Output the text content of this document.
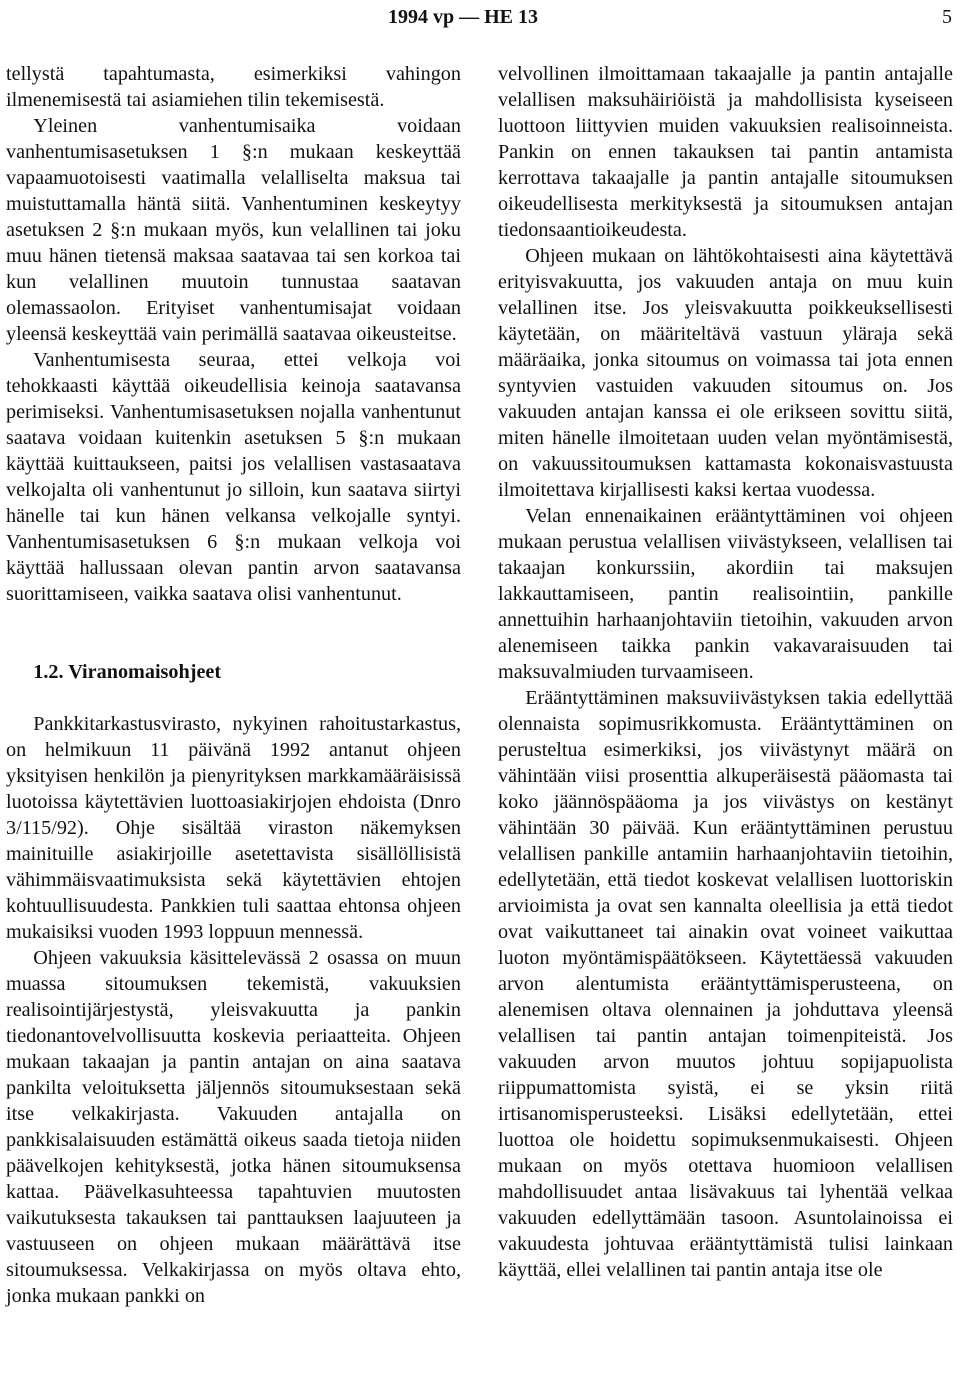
1994 vp — HE 13	5

tellystä tapahtumasta, esimerkiksi vahingon ilmenemisestä tai asiamiehen tilin tekemisestä.

Yleinen vanhentumisaika voidaan vanhentumisasetuksen 1 §:n mukaan keskeyttää vapaamuotoisesti vaatimalla velalliselta maksua tai muistuttamalla häntä siitä. Vanhentuminen keskeytyy asetuksen 2 §:n mukaan myös, kun velallinen tai joku muu hänen tietensä maksaa saatavaa tai sen korkoa tai kun velallinen muutoin tunnustaa saatavan olemassaolon. Erityiset vanhentumisajat voidaan yleensä keskeyttää vain perimällä saatavaa oikeusteitse.

Vanhentumisesta seuraa, ettei velkoja voi tehokkaasti käyttää oikeudellisia keinoja saatavansa perimiseksi. Vanhentumisasetuksen nojalla vanhentunut saatava voidaan kuitenkin asetuksen 5 §:n mukaan käyttää kuittaukseen, paitsi jos velallisen vastasaatava velkojalta oli vanhentunut jo silloin, kun saatava siirtyi hänelle tai kun hänen velkansa velkojalle syntyi. Vanhentumisasetuksen 6 §:n mukaan velkoja voi käyttää hallussaan olevan pantin arvon saatavansa suorittamiseen, vaikka saatava olisi vanhentunut.

1.2. Viranomaisohjeet

Pankkitarkastusvirasto, nykyinen rahoitustarkastus, on helmikuun 11 päivänä 1992 antanut ohjeen yksityisen henkilön ja pienyrityksen markkamääräisissä luotoissa käytettävien luottoasiakirjojen ehdoista (Dnro 3/115/92). Ohje sisältää viraston näkemyksen mainituille asiakirjoille asetettavista sisällöllisistä vähimmäisvaatimuksista sekä käytettävien ehtojen kohtuullisuudesta. Pankkien tuli saattaa ehtonsa ohjeen mukaisiksi vuoden 1993 loppuun mennessä.

Ohjeen vakuuksia käsittelevässä 2 osassa on muun muassa sitoumuksen tekemistä, vakuuksien realisointijärjestystä, yleisvakuutta ja pankin tiedonantovelvollisuutta koskevia periaatteita. Ohjeen mukaan takaajan ja pantin antajan on aina saatava pankilta veloituksetta jäljennös sitoumuksestaan sekä itse velkakirjasta. Vakuuden antajalla on pankkisalaisuuden estämättä oikeus saada tietoja niiden päävelkojen kehityksestä, jotka hänen sitoumuksensa kattaa. Päävelkasuhteessa tapahtuvien muutosten vaikutuksesta takauksen tai panttauksen laajuuteen ja vastuuseen on ohjeen mukaan määrättävä itse sitoumuksessa. Velkakirjassa on myös oltava ehto, jonka mukaan pankki on

velvollinen ilmoittamaan takaajalle ja pantin antajalle velallisen maksuhäiriöistä ja mahdollisista kyseiseen luottoon liittyvien muiden vakuuksien realisoinneista. Pankin on ennen takauksen tai pantin antamista kerrottava takaajalle ja pantin antajalle sitoumuksen oikeudellisesta merkityksestä ja sitoumuksen antajan tiedonsaantioikeudesta.

Ohjeen mukaan on lähtökohtaisesti aina käytettävä erityisvakuutta, jos vakuuden antaja on muu kuin velallinen itse. Jos yleisvakuutta poikkeuksellisesti käytetään, on määriteltävä vastuun yläraja sekä määräaika, jonka sitoumus on voimassa tai jota ennen syntyvien vastuiden vakuuden sitoumus on. Jos vakuuden antajan kanssa ei ole erikseen sovittu siitä, miten hänelle ilmoitetaan uuden velan myöntämisestä, on vakuussitoumuksen kattamasta kokonaisvastuusta ilmoitettava kirjallisesti kaksi kertaa vuodessa.

Velan ennenaikainen erääntyttäminen voi ohjeen mukaan perustua velallisen viivästykseen, velallisen tai takaajan konkurssiin, akordiin tai maksujen lakkauttamiseen, pantin realisointiin, pankille annettuihin harhaanjohtaviin tietoihin, vakuuden arvon alenemiseen taikka pankin vakavaraisuuden tai maksuvalmiuden turvaamiseen.

Erääntyttäminen maksuviivästyksen takia edellyttää olennaista sopimusrikkomusta. Erääntyttäminen on perusteltua esimerkiksi, jos viivästynyt määrä on vähintään viisi prosenttia alkuperäisestä pääomasta tai koko jäännöspääoma ja jos viivästys on kestänyt vähintään 30 päivää. Kun erääntyttäminen perustuu velallisen pankille antamiin harhaanjohtaviin tietoihin, edellytetään, että tiedot koskevat velallisen luottoriskin arvioimista ja ovat sen kannalta oleellisia ja että tiedot ovat vaikuttaneet tai ainakin ovat voineet vaikuttaa luoton myöntämispäätökseen. Käytettäessä vakuuden arvon alentumista erääntyttämisperusteena, on alenemisen oltava olennainen ja johduttava yleensä velallisen tai pantin antajan toimenpiteistä. Jos vakuuden arvon muutos johtuu sopijapuolista riippumattomista syistä, ei se yksin riitä irtisanomisperusteeksi. Lisäksi edellytetään, ettei luottoa ole hoidettu sopimuksenmukaisesti. Ohjeen mukaan on myös otettava huomioon velallisen mahdollisuudet antaa lisävakuus tai lyhentää velkaa vakuuden edellyttämään tasoon. Asuntolainoissa ei vakuudesta johtuvaa erääntyttämistä tulisi lainkaan käyttää, ellei velallinen tai pantin antaja itse ole
